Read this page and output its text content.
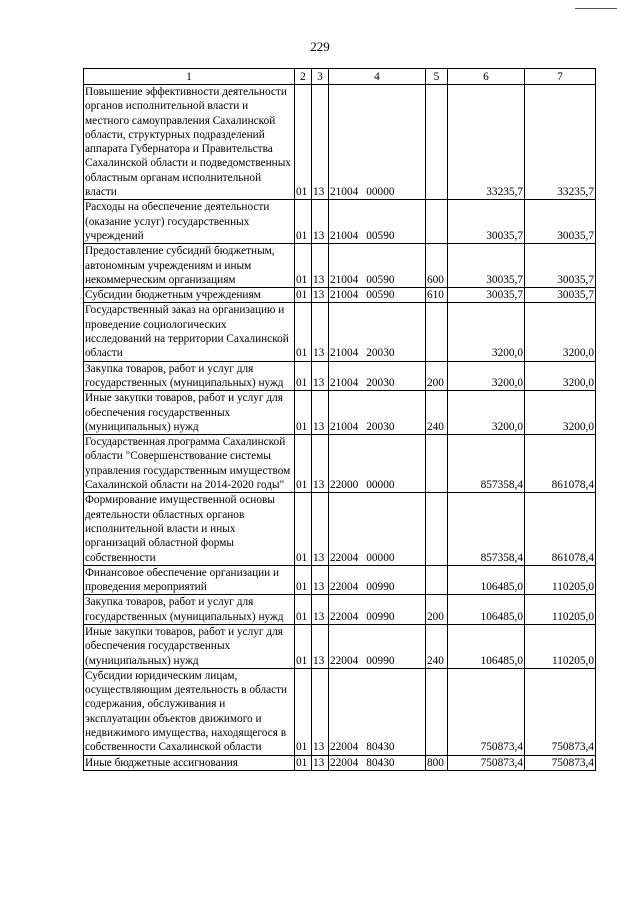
229
1	2	3	4	5	6	7
Повышение эффективности деятельности органов исполнительной власти и местного самоуправления Сахалинской области, структурных подразделений аппарата Губернатора и Правительства Сахалинской области и подведомственных областным органам исполнительной власти	01	13	21004 00000		33235,7	33235,7
Расходы на обеспечение деятельности (оказание услуг) государственных учреждений	01	13	21004 00590		30035,7	30035,7
Предоставление субсидий бюджетным, автономным учреждениям и иным некоммерческим организациям	01	13	21004 00590	600	30035,7	30035,7
Субсидии бюджетным учреждениям	01	13	21004 00590	610	30035,7	30035,7
Государственный заказ на организацию и проведение социологических исследований на территории Сахалинской области	01	13	21004 20030		3200,0	3200,0
Закупка товаров, работ и услуг для государственных (муниципальных) нужд	01	13	21004 20030	200	3200,0	3200,0
Иные закупки товаров, работ и услуг для обеспечения государственных (муниципальных) нужд	01	13	21004 20030	240	3200,0	3200,0
Государственная программа Сахалинской области "Совершенствование системы управления государственным имуществом Сахалинской области на 2014-2020 годы"	01	13	22000 00000		857358,4	861078,4
Формирование имущественной основы деятельности областных органов исполнительной власти и иных организаций областной формы собственности	01	13	22004 00000		857358,4	861078,4
Финансовое обеспечение организации и проведения мероприятий	01	13	22004 00990		106485,0	110205,0
Закупка товаров, работ и услуг для государственных (муниципальных) нужд	01	13	22004 00990	200	106485,0	110205,0
Иные закупки товаров, работ и услуг для обеспечения государственных (муниципальных) нужд	01	13	22004 00990	240	106485,0	110205,0
Субсидии юридическим лицам, осуществляющим деятельность в области содержания, обслуживания и эксплуатации объектов движимого и недвижимого имущества, находящегося в собственности Сахалинской области	01	13	22004 80430		750873,4	750873,4
Иные бюджетные ассигнования	01	13	22004 80430	800	750873,4	750873,4
